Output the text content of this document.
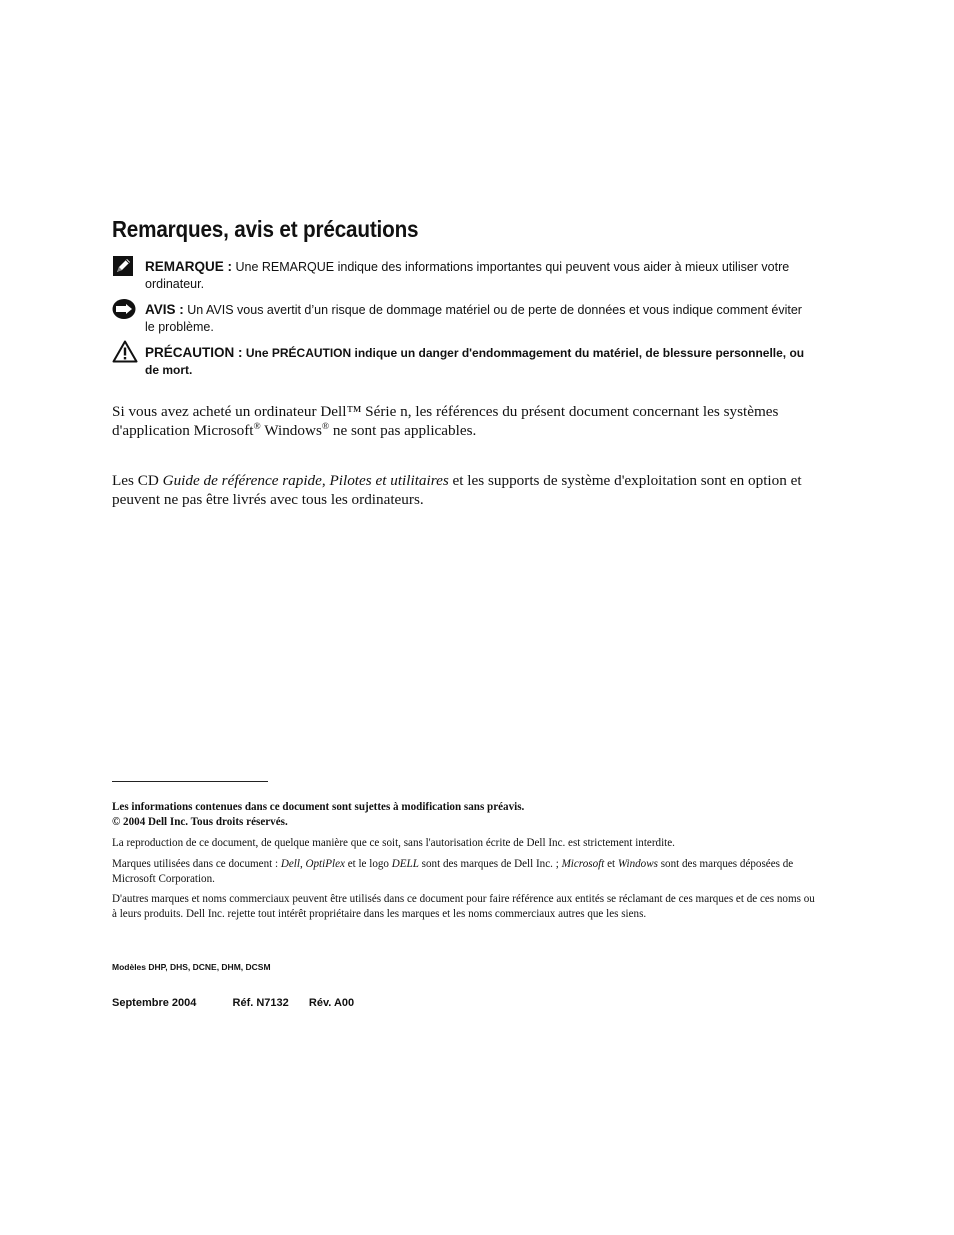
Remarques, avis et précautions
REMARQUE : Une REMARQUE indique des informations importantes qui peuvent vous aider à mieux utiliser votre ordinateur.
AVIS : Un AVIS vous avertit d’un risque de dommage matériel ou de perte de données et vous indique comment éviter le problème.
PRÉCAUTION : Une PRÉCAUTION indique un danger d'endommagement du matériel, de blessure personnelle, ou de mort.
Si vous avez acheté un ordinateur Dell™ Série n, les références du présent document concernant les systèmes d'application Microsoft® Windows® ne sont pas applicables.
Les CD Guide de référence rapide, Pilotes et utilitaires et les supports de système d'exploitation sont en option et peuvent ne pas être livrés avec tous les ordinateurs.
Les informations contenues dans ce document sont sujettes à modification sans préavis.
© 2004 Dell Inc. Tous droits réservés.
La reproduction de ce document, de quelque manière que ce soit, sans l'autorisation écrite de Dell Inc. est strictement interdite.
Marques utilisées dans ce document : Dell, OptiPlex et le logo DELL sont des marques de Dell Inc. ; Microsoft et Windows sont des marques déposées de Microsoft Corporation.
D'autres marques et noms commerciaux peuvent être utilisés dans ce document pour faire référence aux entités se réclamant de ces marques et de ces noms ou à leurs produits. Dell Inc. rejette tout intérêt propriétaire dans les marques et les noms commerciaux autres que les siens.
Modèles DHP, DHS, DCNE, DHM, DCSM
Septembre 2004	Réf. N7132 Rév. A00
